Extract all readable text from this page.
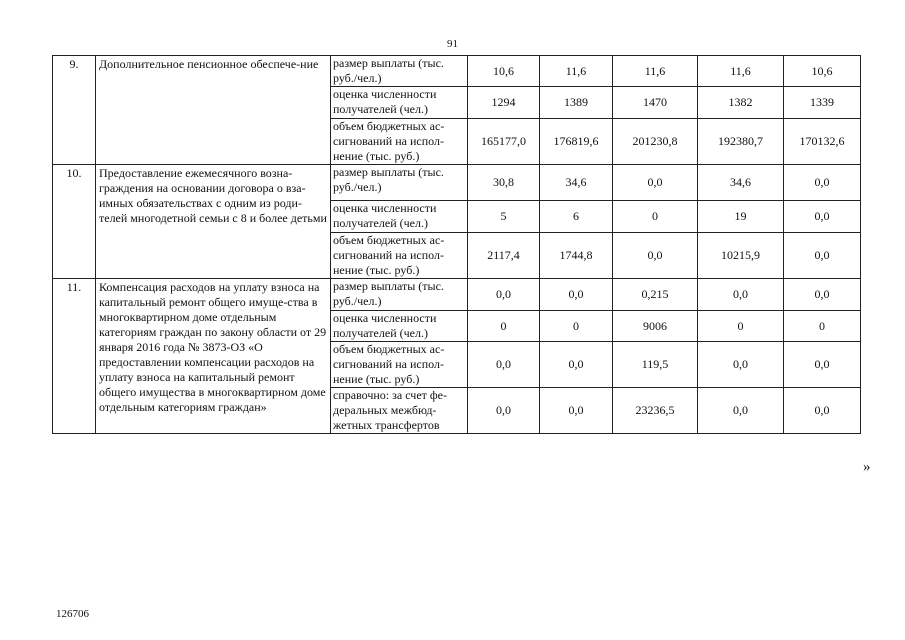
91
9.	Дополнительное пенсионное обеспече-ние	размер выплаты (тыс. руб./чел.)	10,6	11,6	11,6	11,6	10,6
		оценка численности получателей (чел.)	1294	1389	1470	1382	1339
		объем бюджетных ас-сигнований на испол-нение (тыс. руб.)	165177,0	176819,6	201230,8	192380,7	170132,6
10.	Предоставление ежемесячного возна-граждения на основании договора о вза-имных обязательствах с одним из роди-телей многодетной семьи с 8 и более детьми	размер выплаты (тыс. руб./чел.)	30,8	34,6	0,0	34,6	0,0
		оценка численности получателей (чел.)	5	6	0	19	0,0
		объем бюджетных ас-сигнований на испол-нение (тыс. руб.)	2117,4	1744,8	0,0	10215,9	0,0
11.	Компенсация расходов на уплату взноса на капитальный ремонт общего имуще-ства в многоквартирном доме отдельным категориям граждан по закону области от 29 января 2016 года № 3873-ОЗ «О предоставлении компенсации расходов на уплату взноса на капитальный ремонт общего имущества в многоквартирном доме отдельным категориям граждан»	размер выплаты (тыс. руб./чел.)	0,0	0,0	0,215	0,0	0,0
		оценка численности получателей (чел.)	0	0	9006	0	0
		объем бюджетных ас-сигнований на испол-нение (тыс. руб.)	0,0	0,0	119,5	0,0	0,0
		справочно: за счет фе-деральных межбюд-жетных трансфертов	0,0	0,0	23236,5	0,0	0,0
»
126706
